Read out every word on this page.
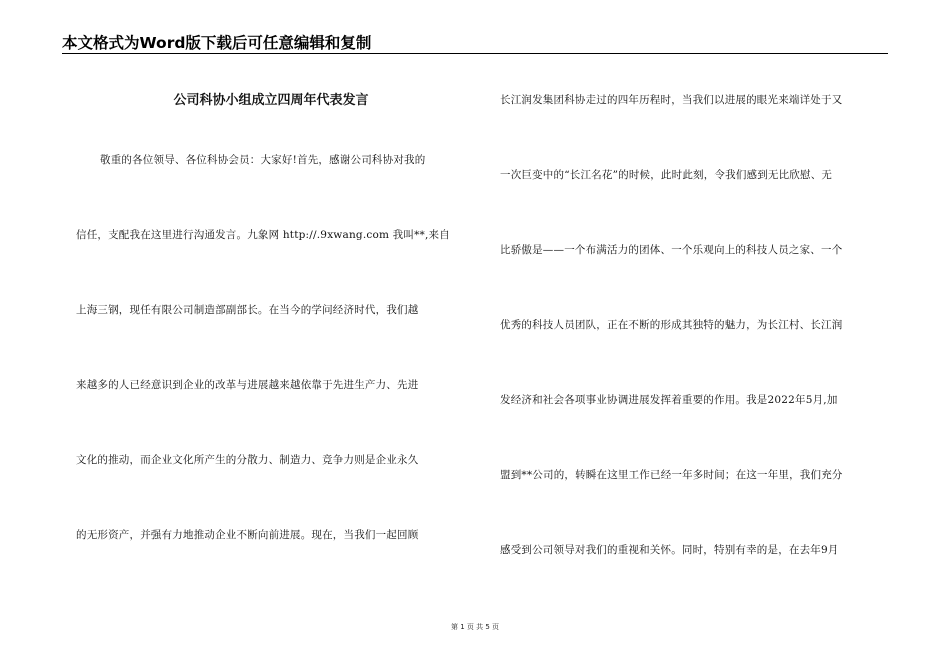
本文格式为Word版下载后可任意编辑和复制
公司科协小组成立四周年代表发言
敬重的各位领导、各位科协会员：大家好!首先，感谢公司科协对我的
信任，支配我在这里进行沟通发言。九象网 http://.9xwang.com 我叫**,来自
上海三钢，现任有限公司制造部副部长。在当今的学问经济时代，我们越
来越多的人已经意识到企业的改革与进展越来越依靠于先进生产力、先进
文化的推动，而企业文化所产生的分散力、制造力、竞争力则是企业永久
的无形资产，并强有力地推动企业不断向前进展。现在，当我们一起回顾
长江润发集团科协走过的四年历程时，当我们以进展的眼光来端详处于又
一次巨变中的“长江名花”的时候，此时此刻，令我们感到无比欣慰、无
比骄傲是——一个布满活力的团体、一个乐观向上的科技人员之家、一个
优秀的科技人员团队，正在不断的形成其独特的魅力，为长江村、长江润
发经济和社会各项事业协调进展发挥着重要的作用。我是2022年5月,加
盟到**公司的，转瞬在这里工作已经一年多时间；在这一年里，我们充分
感受到公司领导对我们的重视和关怀。同时，特别有幸的是，在去年9月
第 1 页 共 5 页
